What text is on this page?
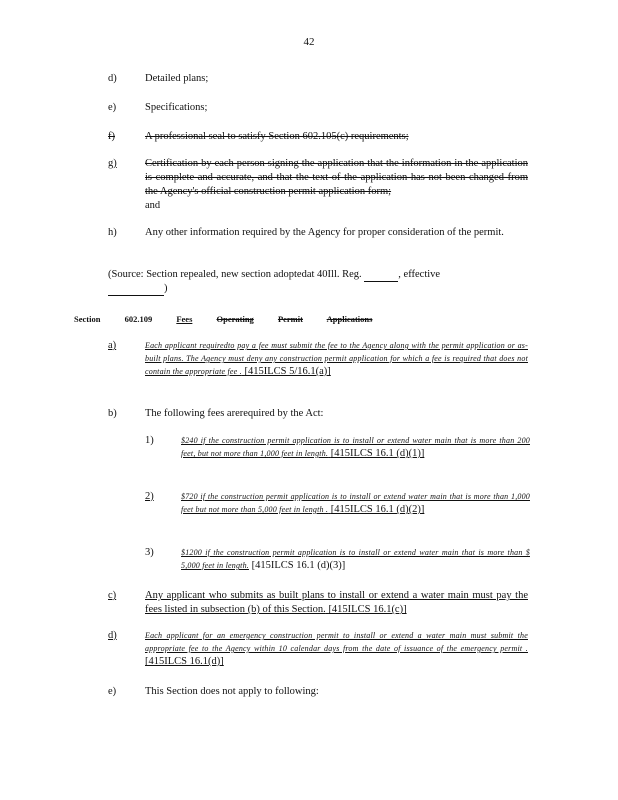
42
d)	Detailed plans;
e)	Specifications;
f)	A professional seal to satisfy Section 602.105(c) requirements;
g)	Certification by each person signing the application that the information in the application is complete and accurate, and that the text of the application has not been changed from the Agency's official construction permit application form;
and
h)	Any other information required by the Agency for proper consideration of the permit.
(Source: Section repealed, new section adoptedat 40Ill. Reg.	, effective
)
Section	602.109	Fees	Operating	Permit	Applications
a)	Each applicant requiredto pay a fee must submit the fee to the Agency along with the permit application or as-built plans. The Agency must deny any construction permit application for which a fee is required that does not contain the appropriate fee . [415ILCS 5/16.1(a)]
b)	The following fees arerequired by the Act:
1)	$240 if the construction permit application is to install or extend water main that is more than 200 feet, but not more than 1,000 feet in length. [415ILCS 16.1 (d)(1)]
2)	$720 if the construction permit application is to install or extend water main that is more than 1,000 feet but not more than 5,000 feet in length . [415ILCS 16.1 (d)(2)]
3)	$1200 if the construction permit application is to install or extend water main that is more than $ 5,000 feet in length. [415ILCS 16.1 (d)(3)]
c)	Any applicant who submits as built plans to install or extend a water main must pay the fees listed in subsection (b) of this Section. [415ILCS 16.1(c)]
d)	Each applicant for an emergency construction permit to install or extend a water main must submit the appropriate fee to the Agency within 10 calendar days from the date of issuance of the emergency permit . [415ILCS 16.1(d)]
e)	This Section does not apply to following:
